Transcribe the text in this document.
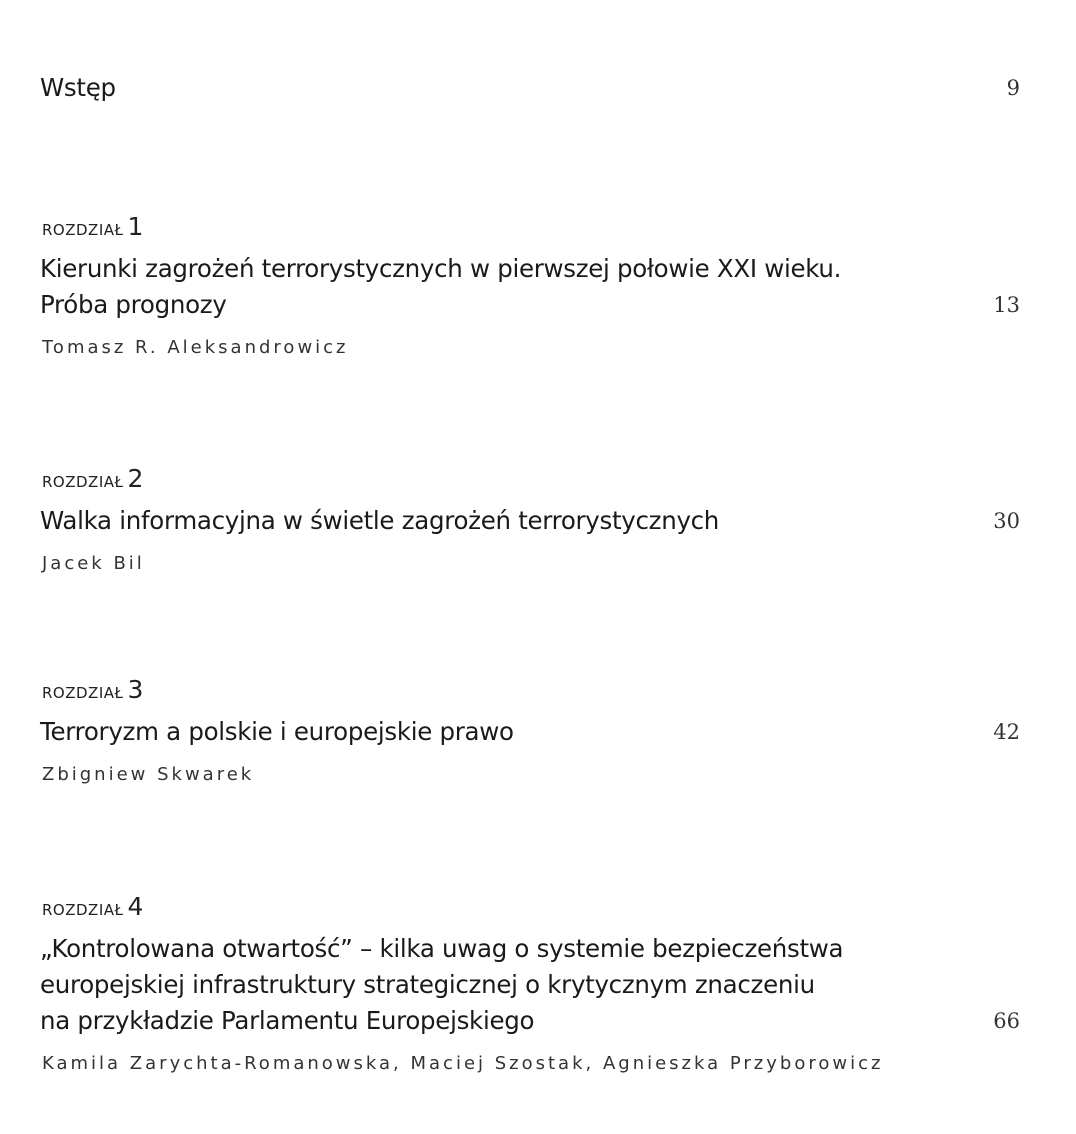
Wstęp	9
ROZDZIAŁ 1
Kierunki zagrożeń terrorystycznych w pierwszej połowie XXI wieku.
Próba prognozy	13
Tomasz R. Aleksandrowicz
ROZDZIAŁ 2
Walka informacyjna w świetle zagrożeń terrorystycznych	30
Jacek Bil
ROZDZIAŁ 3
Terroryzm a polskie i europejskie prawo	42
Zbigniew Skwarek
ROZDZIAŁ 4
„Kontrolowana otwartość” – kilka uwag o systemie bezpieczeństwa
europejskiej infrastruktury strategicznej o krytycznym znaczeniu
na przykładzie Parlamentu Europejskiego	66
Kamila Zarychta-Romanowska, Maciej Szostak, Agnieszka Przyborowicz
